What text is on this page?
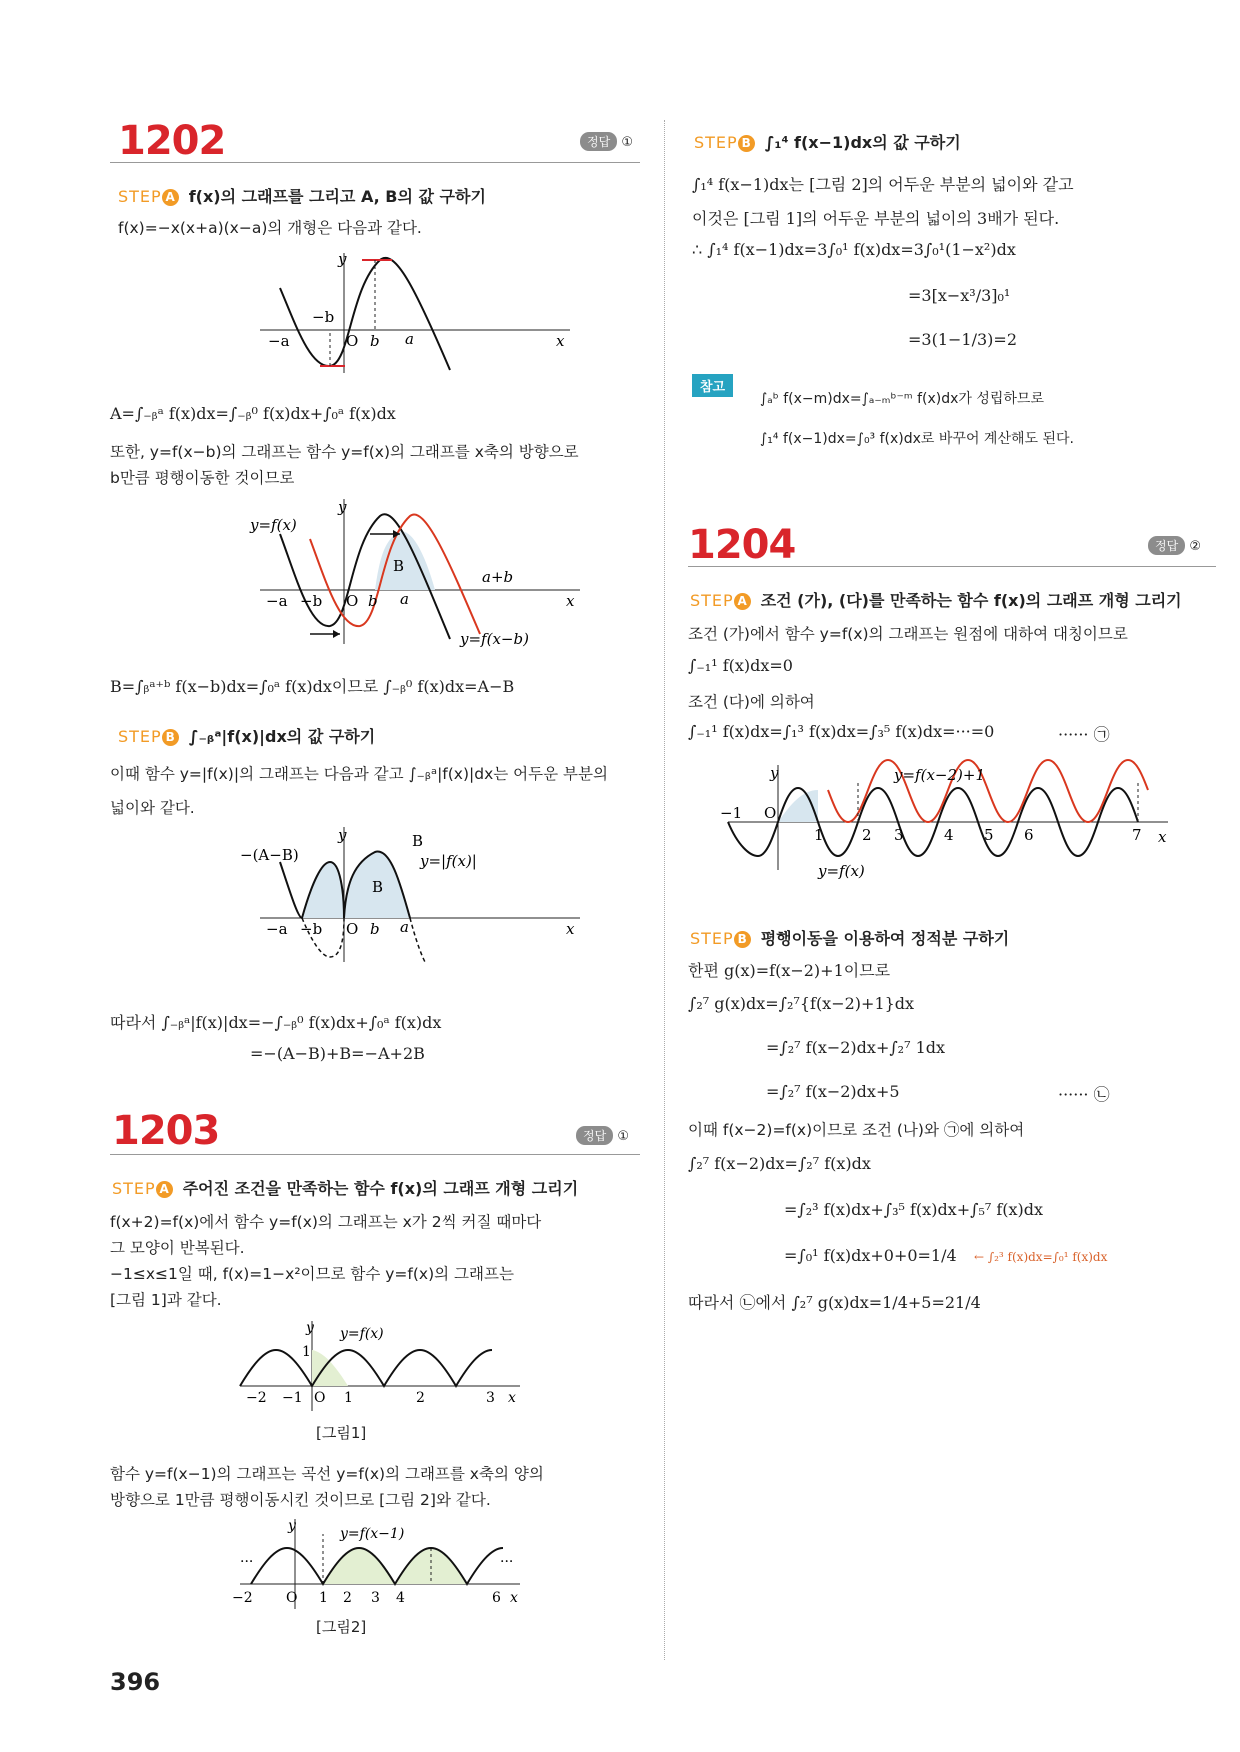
1202	정답 ①
STEP A f(x)의 그래프를 그리고 A, B의 값 구하기
f(x)=−x(x+a)(x−a)의 개형은 다음과 같다.
y
x
−a
−b
O b a
A=∫₋ᵦᵃ f(x)dx=∫₋ᵦ⁰ f(x)dx+∫₀ᵃ f(x)dx
또한, y=f(x−b)의 그래프는 함수 y=f(x)의 그래프를 x축의 방향으로
b만큼 평행이동한 것이므로
y
x
y=f(x)
y=f(x−b)
a+b
B
−a −b O b a
B=∫ᵦᵃ⁺ᵇ f(x−b)dx=∫₀ᵃ f(x)dx이므로 ∫₋ᵦ⁰ f(x)dx=A−B
STEP B ∫₋ᵦᵃ|f(x)|dx의 값 구하기
이때 함수 y=|f(x)|의 그래프는 다음과 같고 ∫₋ᵦᵃ|f(x)|dx는 어두운 부분의
넓이와 같다.
y
x
−(A−B)
B
y=|f(x)|
B
−a −b O b a
따라서 ∫₋ᵦᵃ|f(x)|dx=−∫₋ᵦ⁰ f(x)dx+∫₀ᵃ f(x)dx
=−(A−B)+B=−A+2B
1203	정답 ①
STEP A 주어진 조건을 만족하는 함수 f(x)의 그래프 개형 그리기
f(x+2)=f(x)에서 함수 y=f(x)의 그래프는 x가 2씩 커질 때마다
그 모양이 반복된다.
−1≤x≤1일 때, f(x)=1−x²이므로 함수 y=f(x)의 그래프는
[그림 1]과 같다.
y
x
y=f(x)
1
−2 −1 O 1	2	3
[그림1]
함수 y=f(x−1)의 그래프는 곡선 y=f(x)의 그래프를 x축의 양의
방향으로 1만큼 평행이동시킨 것이므로 [그림 2]와 같다.
···	···
y
x
y=f(x−1)
−2 O 1 2 3 4	6
[그림2]
STEP B ∫₁⁴ f(x−1)dx의 값 구하기
∫₁⁴ f(x−1)dx는 [그림 2]의 어두운 부분의 넓이와 같고
이것은 [그림 1]의 어두운 부분의 넓이의 3배가 된다.
∴ ∫₁⁴ f(x−1)dx=3∫₀¹ f(x)dx=3∫₀¹(1−x²)dx
=3[x−x³/3]₀¹
=3(1−1/3)=2
참고
∫ₐᵇ f(x−m)dx=∫ₐ₋ₘᵇ⁻ᵐ f(x)dx가 성립하므로
∫₁⁴ f(x−1)dx=∫₀³ f(x)dx로 바꾸어 계산해도 된다.
1204	정답 ②
STEP A 조건 (가), (다)를 만족하는 함수 f(x)의 그래프 개형 그리기
조건 (가)에서 함수 y=f(x)의 그래프는 원점에 대하여 대칭이므로
∫₋₁¹ f(x)dx=0
조건 (다)에 의하여
∫₋₁¹ f(x)dx=∫₁³ f(x)dx=∫₃⁵ f(x)dx=···=0	······ ㉠
y
x
y=f(x)
y=f(x−2)+1
−1 O
1	2 3	4 5 6	7
STEP B 평행이동을 이용하여 정적분 구하기
한편 g(x)=f(x−2)+1이므로
∫₂⁷ g(x)dx=∫₂⁷{f(x−2)+1}dx
=∫₂⁷ f(x−2)dx+∫₂⁷ 1dx
=∫₂⁷ f(x−2)dx+5	······ ㉡
이때 f(x−2)=f(x)이므로 조건 (나)와 ㉠에 의하여
∫₂⁷ f(x−2)dx=∫₂⁷ f(x)dx
=∫₂³ f(x)dx+∫₃⁵ f(x)dx+∫₅⁷ f(x)dx
=∫₀¹ f(x)dx+0+0=1/4 ← ∫₂³ f(x)dx=∫₀¹ f(x)dx
따라서 ㉡에서 ∫₂⁷ g(x)dx=1/4+5=21/4
396
